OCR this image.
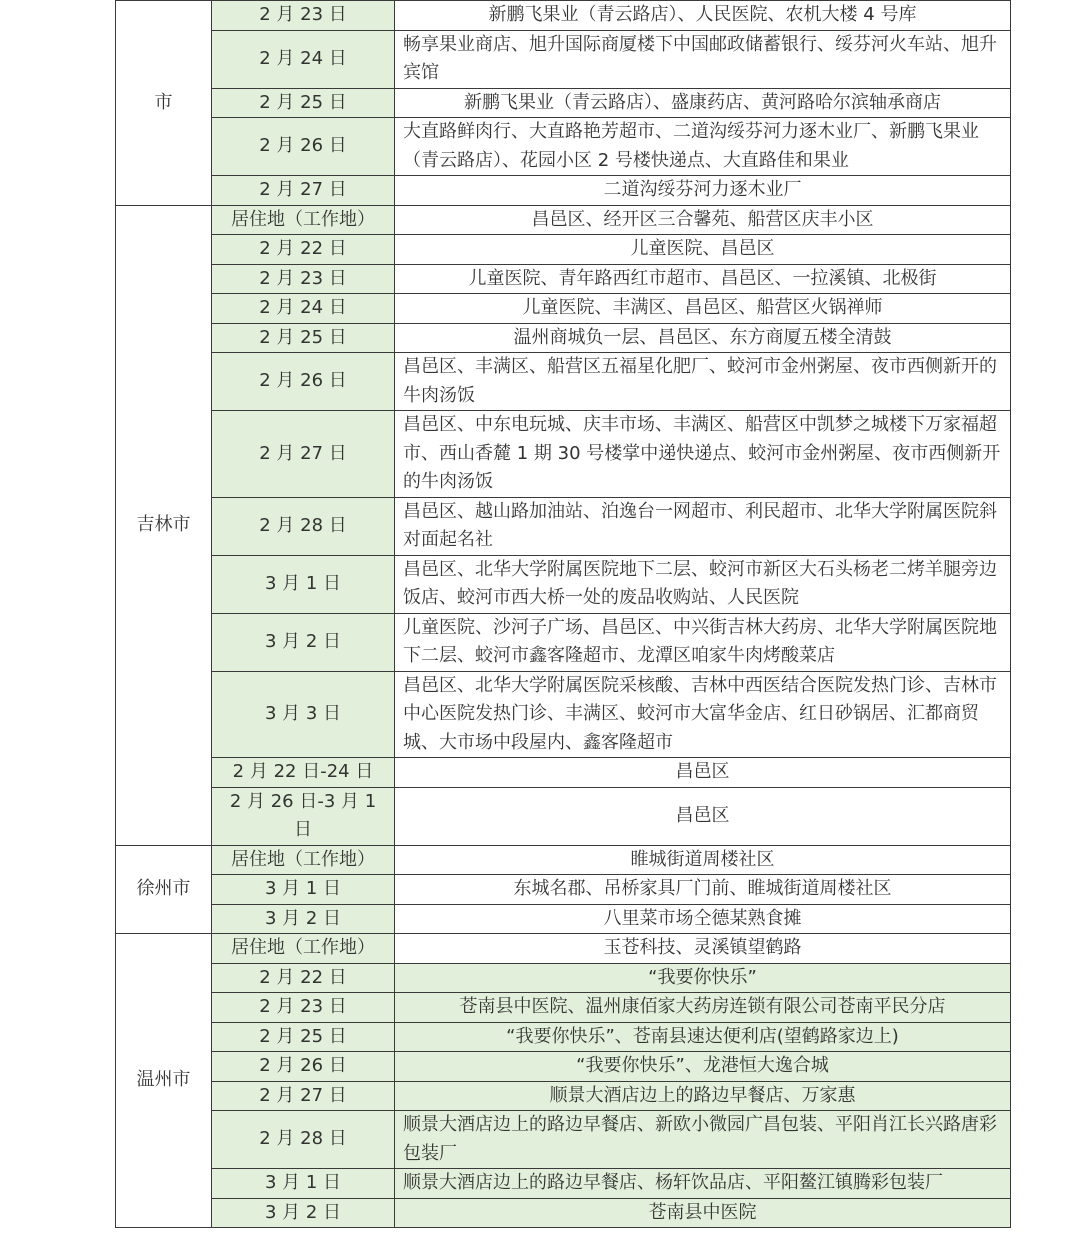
市	2 月 23 日	新鹏飞果业（青云路店）、人民医院、农机大楼 4 号库
	2 月 24 日	畅享果业商店、旭升国际商厦楼下中国邮政储蓄银行、绥芬河火车站、旭升宾馆
	2 月 25 日	新鹏飞果业（青云路店）、盛康药店、黄河路哈尔滨轴承商店
	2 月 26 日	大直路鲜肉行、大直路艳芳超市、二道沟绥芬河力逐木业厂、新鹏飞果业（青云路店）、花园小区 2 号楼快递点、大直路佳和果业
	2 月 27 日	二道沟绥芬河力逐木业厂
吉林市	居住地（工作地）	昌邑区、经开区三合馨苑、船营区庆丰小区
	2 月 22 日	儿童医院、昌邑区
	2 月 23 日	儿童医院、青年路西红市超市、昌邑区、一拉溪镇、北极街
	2 月 24 日	儿童医院、丰满区、昌邑区、船营区火锅禅师
	2 月 25 日	温州商城负一层、昌邑区、东方商厦五楼全清鼓
	2 月 26 日	昌邑区、丰满区、船营区五福星化肥厂、蛟河市金州粥屋、夜市西侧新开的牛肉汤饭
	2 月 27 日	昌邑区、中东电玩城、庆丰市场、丰满区、船营区中凯梦之城楼下万家福超市、西山香麓 1 期 30 号楼掌中递快递点、蛟河市金州粥屋、夜市西侧新开的牛肉汤饭
	2 月 28 日	昌邑区、越山路加油站、泊逸台一网超市、利民超市、北华大学附属医院斜对面起名社
	3 月 1 日	昌邑区、北华大学附属医院地下二层、蛟河市新区大石头杨老二烤羊腿旁边饭店、蛟河市西大桥一处的废品收购站、人民医院
	3 月 2 日	儿童医院、沙河子广场、昌邑区、中兴街吉林大药房、北华大学附属医院地下二层、蛟河市鑫客隆超市、龙潭区咱家牛肉烤酸菜店
	3 月 3 日	昌邑区、北华大学附属医院采核酸、吉林中西医结合医院发热门诊、吉林市中心医院发热门诊、丰满区、蛟河市大富华金店、红日砂锅居、汇都商贸城、大市场中段屋内、鑫客隆超市
	2 月 22 日-24 日	昌邑区
	2 月 26 日-3 月 1 日	昌邑区
徐州市	居住地（工作地）	睢城街道周楼社区
	3 月 1 日	东城名郡、吊桥家具厂门前、睢城街道周楼社区
	3 月 2 日	八里菜市场仝德某熟食摊
温州市	居住地（工作地）	玉苍科技、灵溪镇望鹤路
	2 月 22 日	“我要你快乐”
	2 月 23 日	苍南县中医院、温州康佰家大药房连锁有限公司苍南平民分店
	2 月 25 日	“我要你快乐”、苍南县速达便利店(望鹤路家边上)
	2 月 26 日	“我要你快乐”、龙港恒大逸合城
	2 月 27 日	顺景大酒店边上的路边早餐店、万家惠
	2 月 28 日	顺景大酒店边上的路边早餐店、新欧小微园广昌包装、平阳肖江长兴路唐彩包装厂
	3 月 1 日	顺景大酒店边上的路边早餐店、杨轩饮品店、平阳鳌江镇腾彩包装厂
	3 月 2 日	苍南县中医院
